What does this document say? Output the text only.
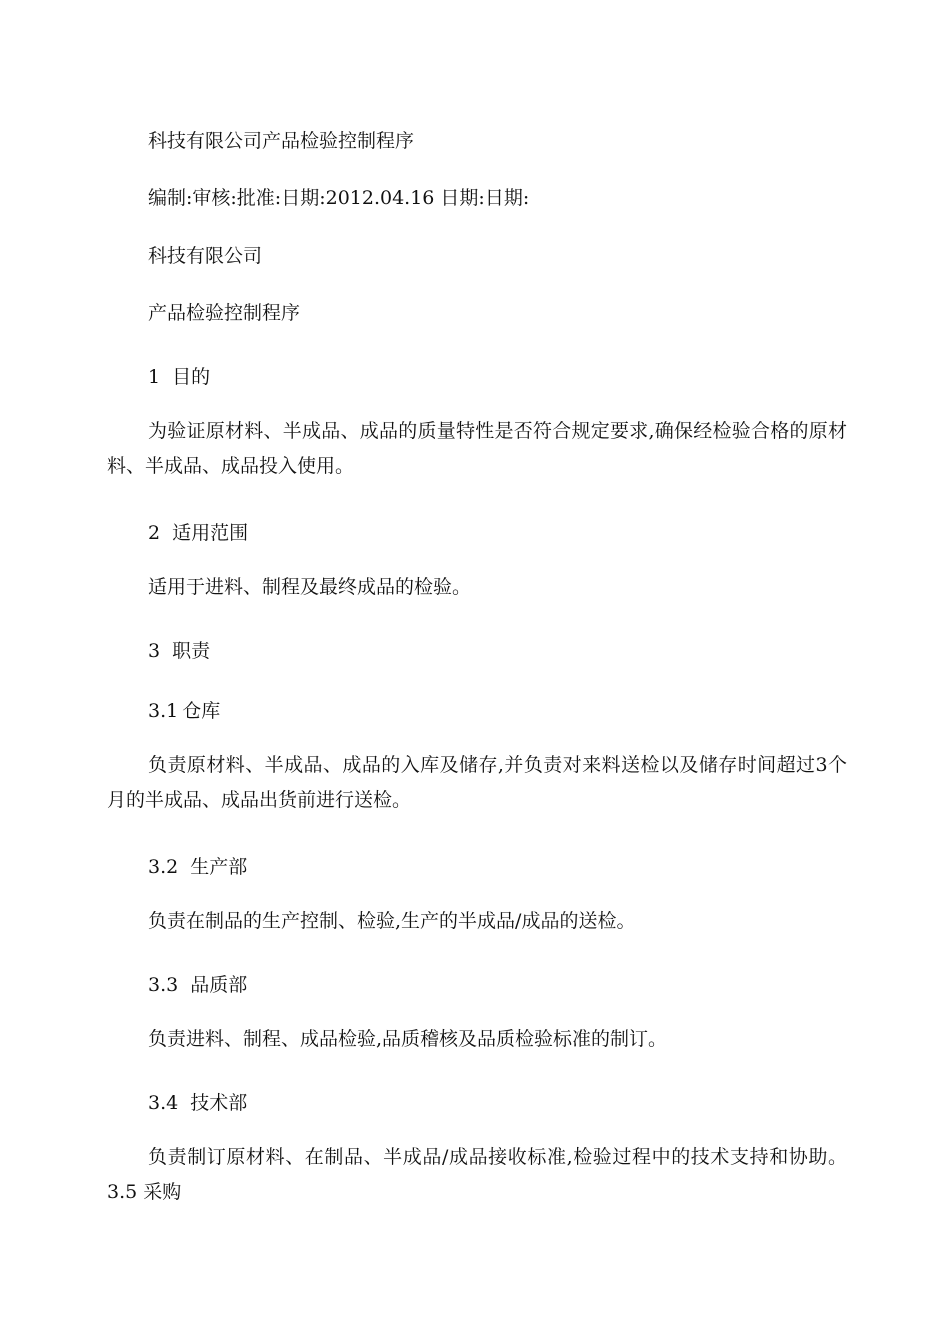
科技有限公司产品检验控制程序
编制:审核:批准:日期:2012.04.16 日期:日期:
科技有限公司
产品检验控制程序
1 目的
为验证原材料、半成品、成品的质量特性是否符合规定要求,确保经检验合格的原材料、半成品、成品投入使用。
2 适用范围
适用于进料、制程及最终成品的检验。
3 职责
3.1 仓库
负责原材料、半成品、成品的入库及储存,并负责对来料送检以及储存时间超过3个月的半成品、成品出货前进行送检。
3.2 生产部
负责在制品的生产控制、检验,生产的半成品/成品的送检。
3.3 品质部
负责进料、制程、成品检验,品质稽核及品质检验标准的制订。
3.4 技术部
负责制订原材料、在制品、半成品/成品接收标准,检验过程中的技术支持和协助。3.5 采购
